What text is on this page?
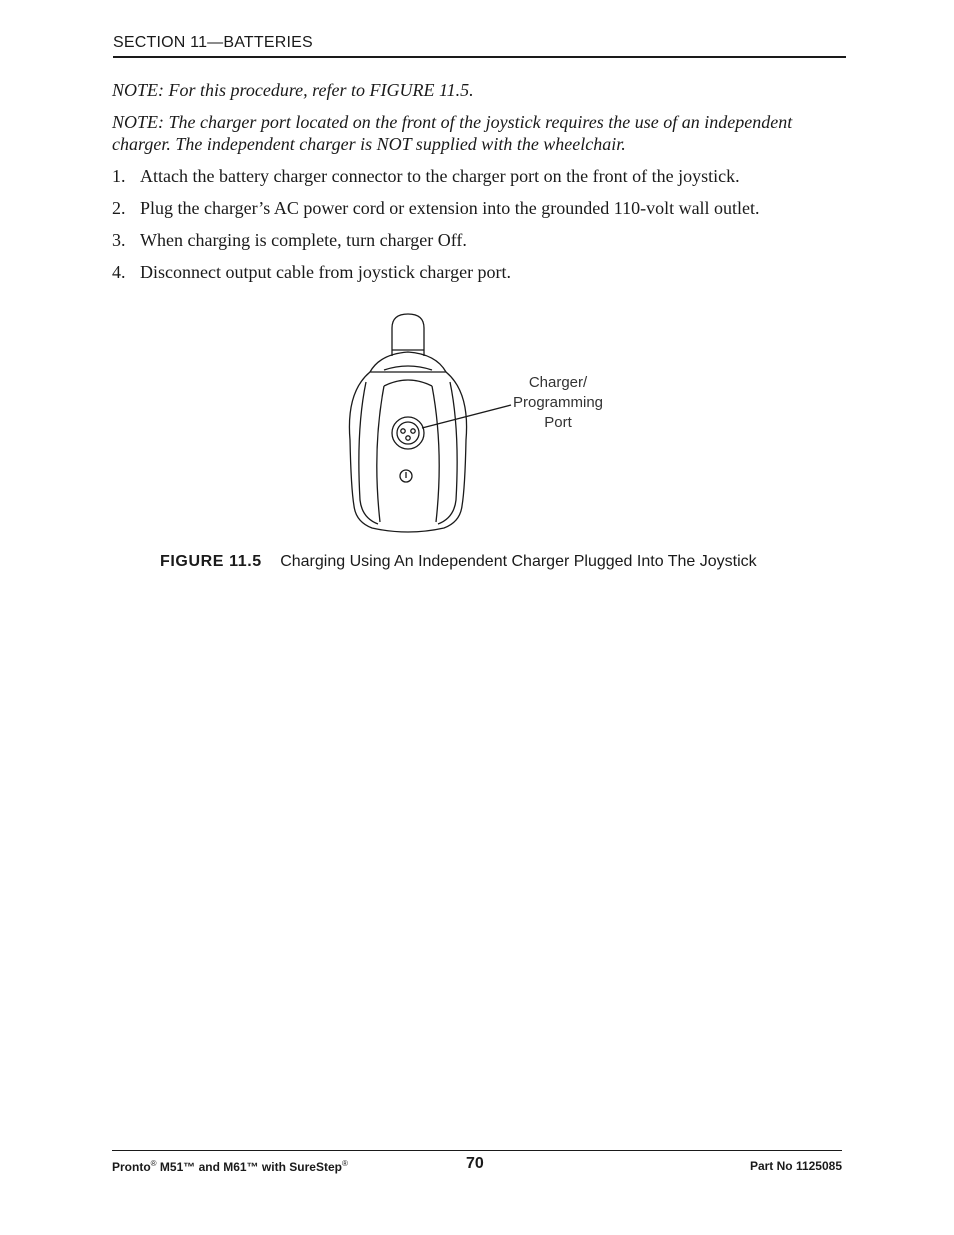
SECTION 11—BATTERIES
NOTE: For this procedure, refer to FIGURE 11.5.
NOTE: The charger port located on the front of the joystick requires the use of an independent charger. The independent charger is NOT supplied with the wheelchair.
1. Attach the battery charger connector to the charger port on the front of the joystick.
2. Plug the charger’s AC power cord or extension into the grounded 110-volt wall outlet.
3. When charging is complete, turn charger Off.
4. Disconnect output cable from joystick charger port.
Charger/
Programming
Port
FIGURE 11.5 Charging Using An Independent Charger Plugged Into The Joystick
Pronto® M51™ and M61™ with SureStep®	70	Part No 1125085
